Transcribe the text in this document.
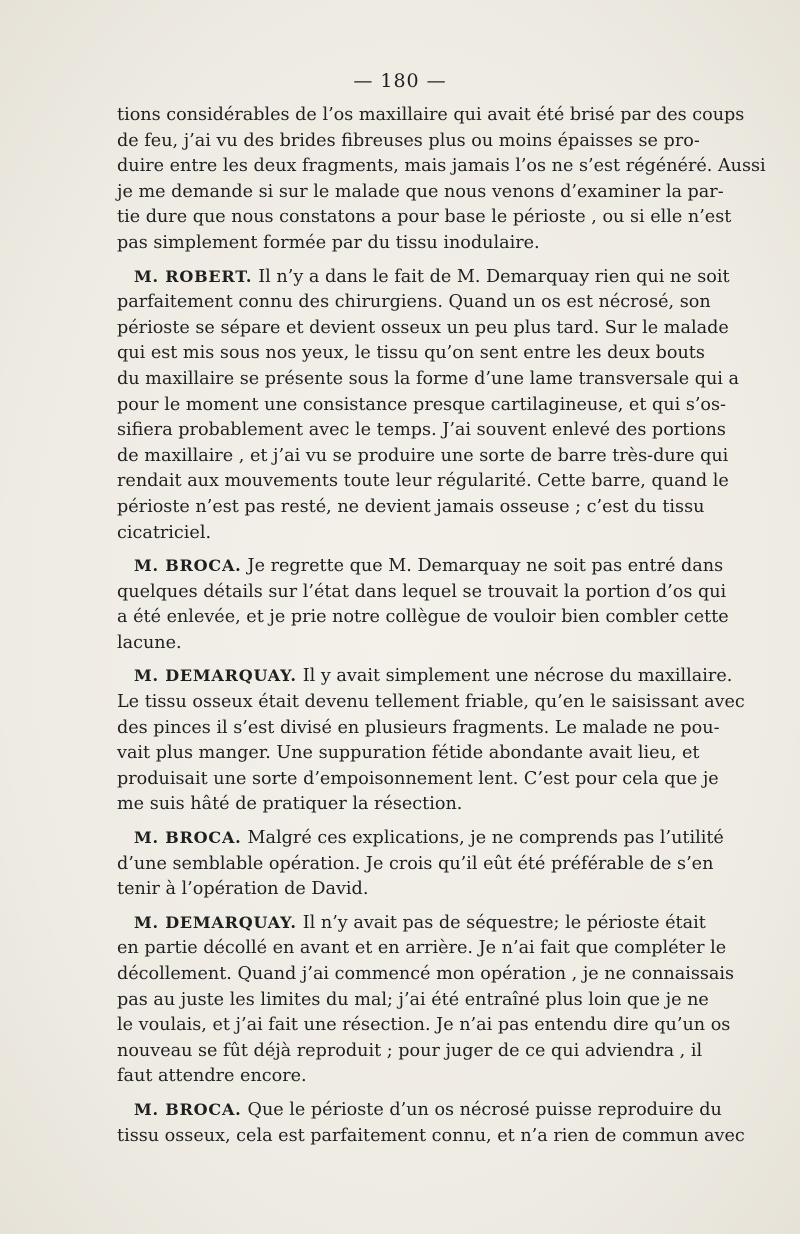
— 180 —
tions considérables de l’os maxillaire qui avait été brisé par des coups
de feu, j’ai vu des brides fibreuses plus ou moins épaisses se pro-
duire entre les deux fragments, mais jamais l’os ne s’est régénéré. Aussi
je me demande si sur le malade que nous venons d’examiner la par-
tie dure que nous constatons a pour base le périoste , ou si elle n’est
pas simplement formée par du tissu inodulaire.
M. ROBERT. Il n’y a dans le fait de M. Demarquay rien qui ne soit
parfaitement connu des chirurgiens. Quand un os est nécrosé, son
périoste se sépare et devient osseux un peu plus tard. Sur le malade
qui est mis sous nos yeux, le tissu qu’on sent entre les deux bouts
du maxillaire se présente sous la forme d’une lame transversale qui a
pour le moment une consistance presque cartilagineuse, et qui s’os-
sifiera probablement avec le temps. J’ai souvent enlevé des portions
de maxillaire , et j’ai vu se produire une sorte de barre très-dure qui
rendait aux mouvements toute leur régularité. Cette barre, quand le
périoste n’est pas resté, ne devient jamais osseuse ; c’est du tissu
cicatriciel.
M. BROCA. Je regrette que M. Demarquay ne soit pas entré dans
quelques détails sur l’état dans lequel se trouvait la portion d’os qui
a été enlevée, et je prie notre collègue de vouloir bien combler cette
lacune.
M. DEMARQUAY. Il y avait simplement une nécrose du maxillaire.
Le tissu osseux était devenu tellement friable, qu’en le saisissant avec
des pinces il s’est divisé en plusieurs fragments. Le malade ne pou-
vait plus manger. Une suppuration fétide abondante avait lieu, et
produisait une sorte d’empoisonnement lent. C’est pour cela que je
me suis hâté de pratiquer la résection.
M. BROCA. Malgré ces explications, je ne comprends pas l’utilité
d’une semblable opération. Je crois qu’il eût été préférable de s’en
tenir à l’opération de David.
M. DEMARQUAY. Il n’y avait pas de séquestre; le périoste était
en partie décollé en avant et en arrière. Je n’ai fait que compléter le
décollement. Quand j’ai commencé mon opération , je ne connaissais
pas au juste les limites du mal; j’ai été entraîné plus loin que je ne
le voulais, et j’ai fait une résection. Je n’ai pas entendu dire qu’un os
nouveau se fût déjà reproduit ; pour juger de ce qui adviendra , il
faut attendre encore.
M. BROCA. Que le périoste d’un os nécrosé puisse reproduire du
tissu osseux, cela est parfaitement connu, et n’a rien de commun avec
